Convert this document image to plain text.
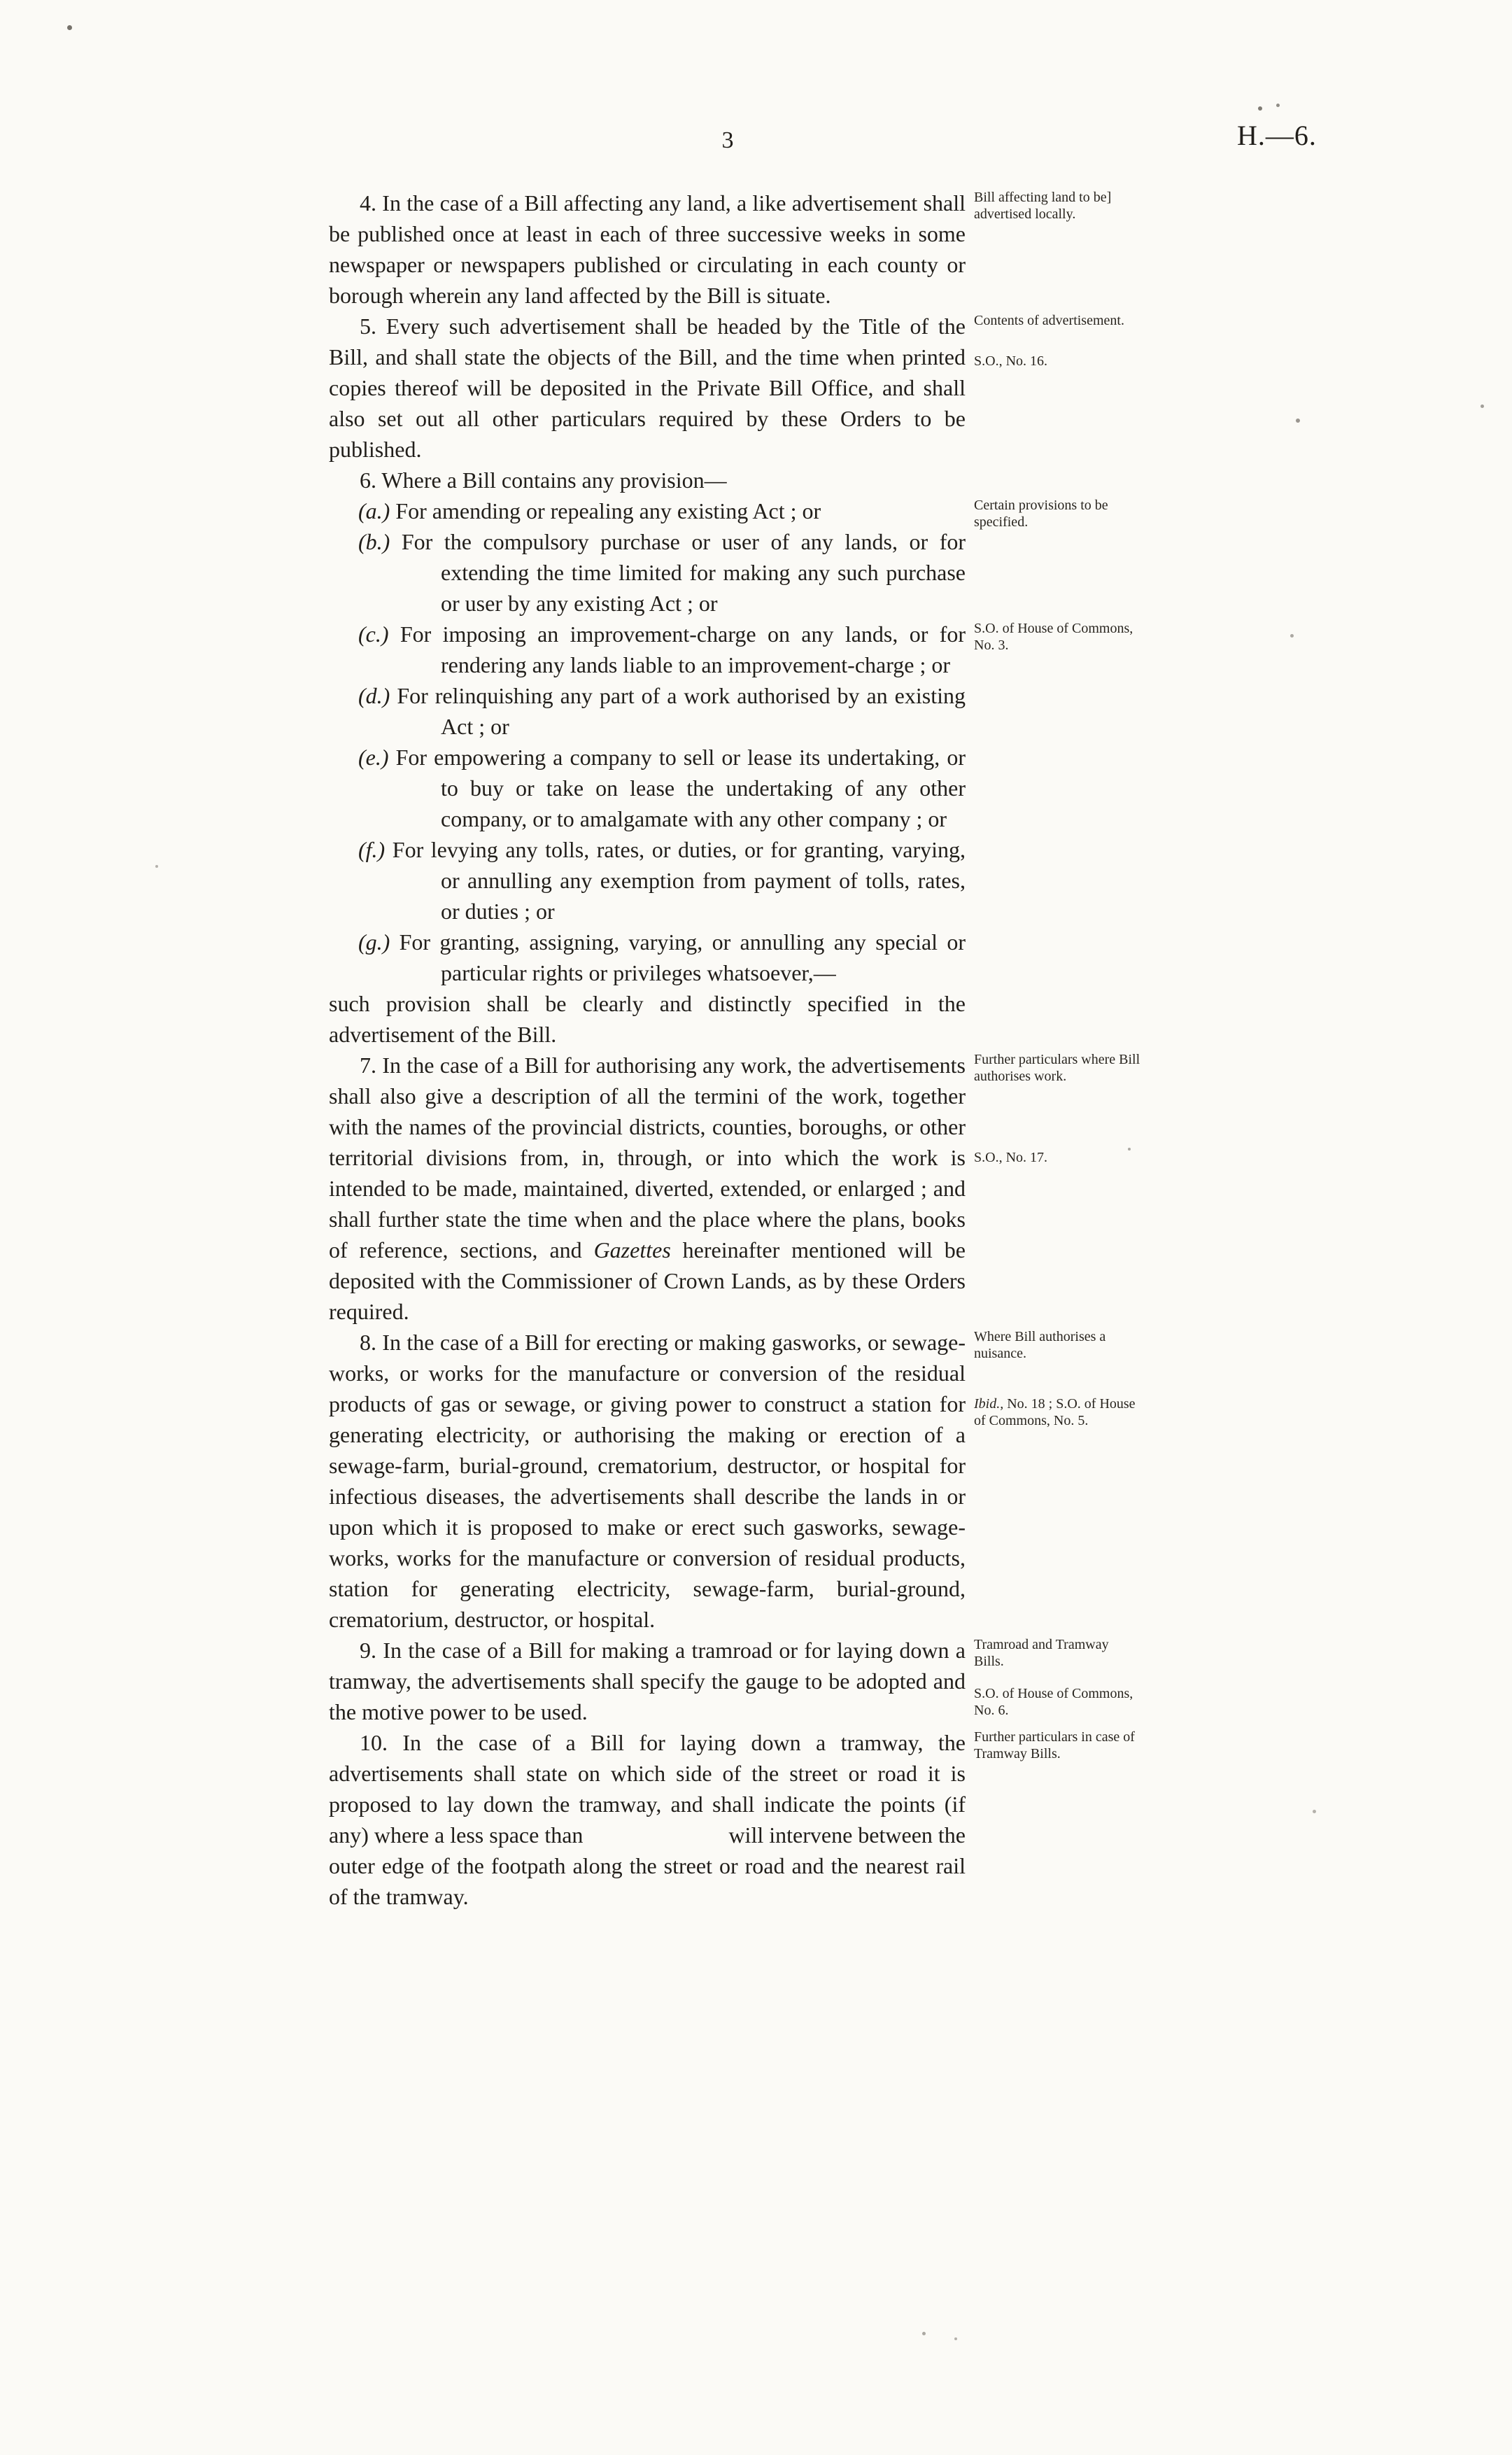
3	H.—6.

4. In the case of a Bill affecting any land, a like advertisement shall be published once at least in each of three successive weeks in some newspaper or newspapers published or circulating in each county or borough wherein any land affected by the Bill is situate.

Bill affecting land to be] advertised locally.

5. Every such advertisement shall be headed by the Title of the Bill, and shall state the objects of the Bill, and the time when printed copies thereof will be deposited in the Private Bill Office, and shall also set out all other particulars required by these Orders to be published.

Contents of advertisement.
S.O., No. 16.

6. Where a Bill contains any provision—

(a.) For amending or repealing any existing Act ; or	Certain provisions to be specified.
(b.) For the compulsory purchase or user of any lands, or for extending the time limited for making any such purchase or user by any existing Act ; or
(c.) For imposing an improvement-charge on any lands, or for rendering any lands liable to an improvement-charge ; or
S.O. of House of Commons, No. 3.
(d.) For relinquishing any part of a work authorised by an existing Act ; or
(e.) For empowering a company to sell or lease its undertaking, or to buy or take on lease the undertaking of any other company, or to amalgamate with any other company ; or
(f.) For levying any tolls, rates, or duties, or for granting, varying, or annulling any exemption from payment of tolls, rates, or duties ; or
(g.) For granting, assigning, varying, or annulling any special or particular rights or privileges whatsoever,—

such provision shall be clearly and distinctly specified in the advertisement of the Bill.

7. In the case of a Bill for authorising any work, the advertisements shall also give a description of all the termini of the work, together with the names of the provincial districts, counties, boroughs, or other territorial divisions from, in, through, or into which the work is intended to be made, maintained, diverted, extended, or enlarged ; and shall further state the time when and the place where the plans, books of reference, sections, and Gazettes hereinafter mentioned will be deposited with the Commissioner of Crown Lands, as by these Orders required.

Further particulars where Bill authorises work.
S.O., No. 17.

8. In the case of a Bill for erecting or making gasworks, or sewage-works, or works for the manufacture or conversion of the residual products of gas or sewage, or giving power to construct a station for generating electricity, or authorising the making or erection of a sewage-farm, burial-ground, crematorium, destructor, or hospital for infectious diseases, the advertisements shall describe the lands in or upon which it is proposed to make or erect such gasworks, sewage-works, works for the manufacture or conversion of residual products, station for generating electricity, sewage-farm, burial-ground, crematorium, destructor, or hospital.

Where Bill authorises a nuisance.
Ibid., No. 18 ; S.O. of House of Commons, No. 5.

9. In the case of a Bill for making a tramroad or for laying down a tramway, the advertisements shall specify the gauge to be adopted and the motive power to be used.

Tramroad and Tramway Bills.
S.O. of House of Commons, No. 6.

10. In the case of a Bill for laying down a tramway, the advertisements shall state on which side of the street or road it is proposed to lay down the tramway, and shall indicate the points (if any) where a less space than        will intervene between the outer edge of the footpath along the street or road and the nearest rail of the tramway.

Further particulars in case of Tramway Bills.
